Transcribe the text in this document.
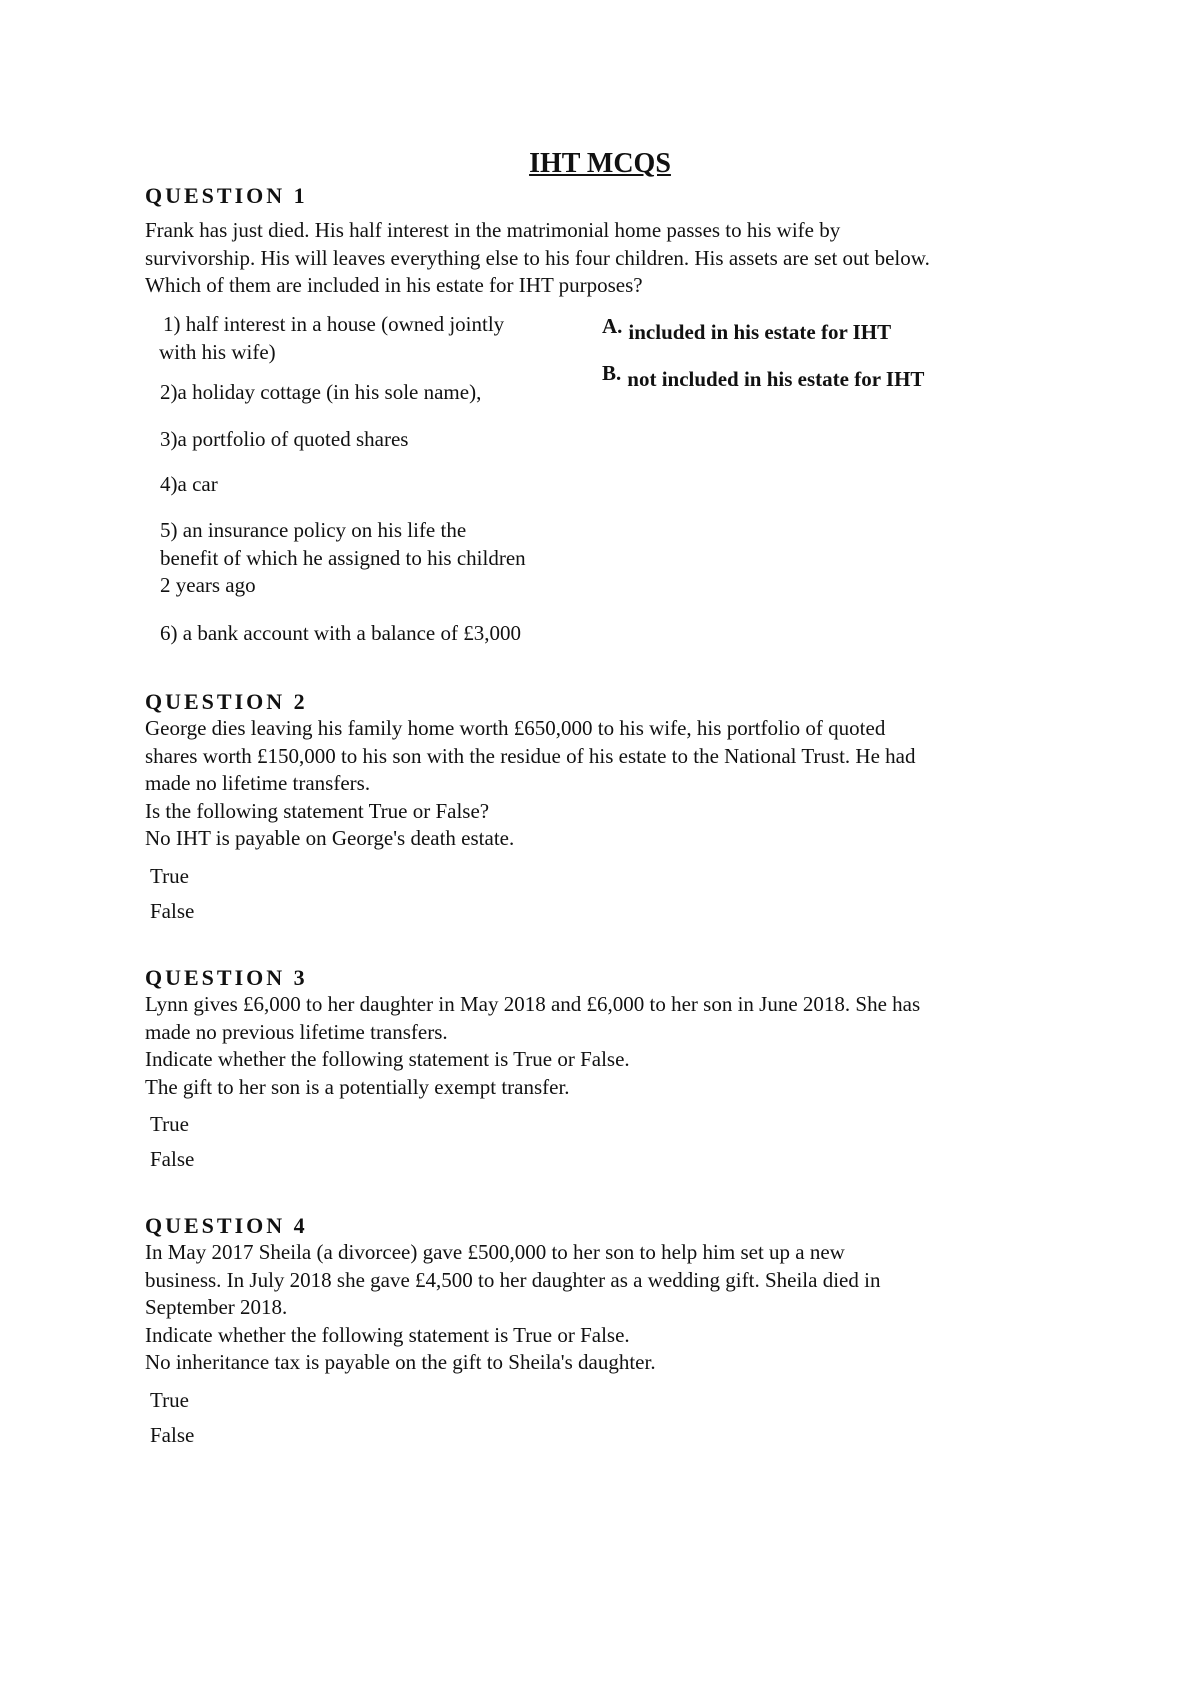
IHT MCQS
QUESTION 1
Frank has just died. His half interest in the matrimonial home passes to his wife by
survivorship. His will leaves everything else to his four children. His assets are set out below.
Which of them are included in his estate for IHT purposes?
1) half interest in a house (owned jointly
with his wife)
2)a holiday cottage (in his sole name),
3)a portfolio of quoted shares
4)a car
5) an insurance policy on his life the
benefit of which he assigned to his children
2 years ago
6) a bank account with a balance of £3,000
A. included in his estate for IHT
B. not included in his estate for IHT
QUESTION 2
George dies leaving his family home worth £650,000 to his wife, his portfolio of quoted
shares worth £150,000 to his son with the residue of his estate to the National Trust. He had
made no lifetime transfers.
Is the following statement True or False?
No IHT is payable on George's death estate.
True
False
QUESTION 3
Lynn gives £6,000 to her daughter in May 2018 and £6,000 to her son in June 2018. She has
made no previous lifetime transfers.
Indicate whether the following statement is True or False.
The gift to her son is a potentially exempt transfer.
True
False
QUESTION 4
In May 2017 Sheila (a divorcee) gave £500,000 to her son to help him set up a new
business. In July 2018 she gave £4,500 to her daughter as a wedding gift. Sheila died in
September 2018.
Indicate whether the following statement is True or False.
No inheritance tax is payable on the gift to Sheila's daughter.
True
False
